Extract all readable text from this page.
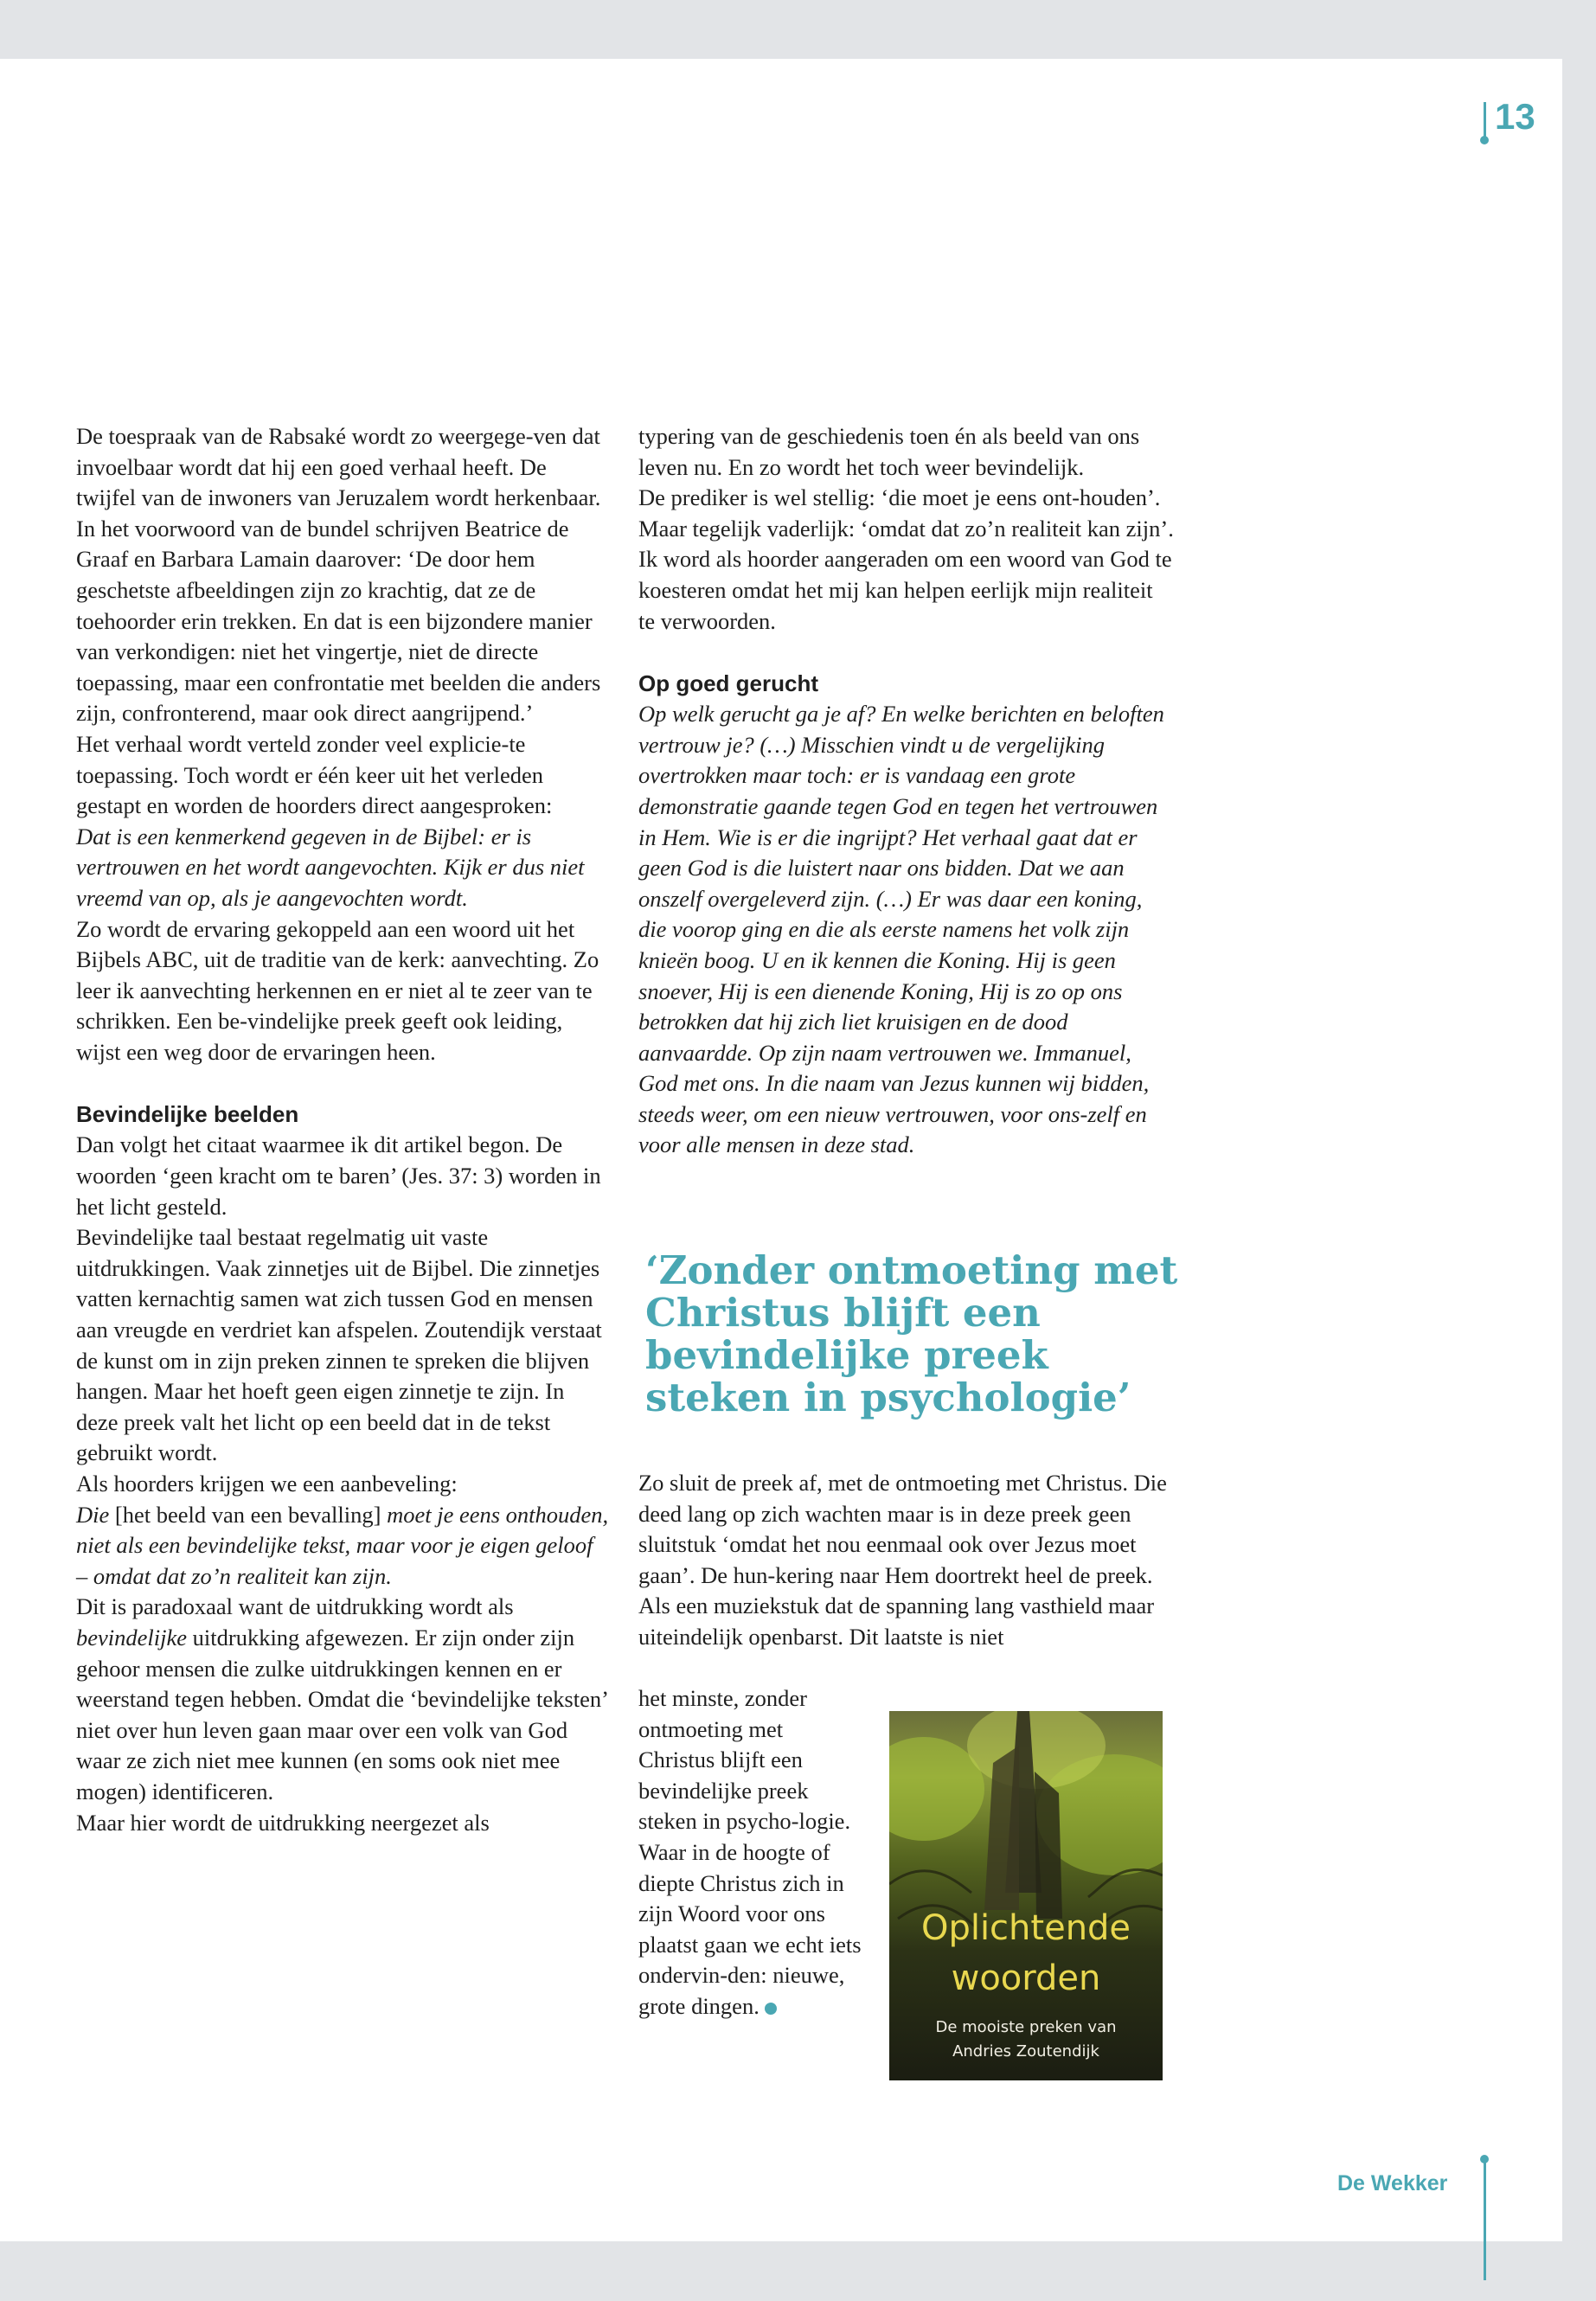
13

De toespraak van de Rabsaké wordt zo weergege-ven dat invoelbaar wordt dat hij een goed verhaal heeft. De twijfel van de inwoners van Jeruzalem wordt herkenbaar.

In het voorwoord van de bundel schrijven Beatrice de Graaf en Barbara Lamain daarover: ‘De door hem geschetste afbeeldingen zijn zo krachtig, dat ze de toehoorder erin trekken. En dat is een bijzondere manier van verkondigen: niet het vingertje, niet de directe toepassing, maar een confrontatie met beelden die anders zijn, confronterend, maar ook direct aangrijpend.’

Het verhaal wordt verteld zonder veel explicie-te toepassing. Toch wordt er één keer uit het verleden gestapt en worden de hoorders direct aangesproken:

Dat is een kenmerkend gegeven in de Bijbel: er is vertrouwen en het wordt aangevochten. Kijk er dus niet vreemd van op, als je aangevochten wordt.

Zo wordt de ervaring gekoppeld aan een woord uit het Bijbels ABC, uit de traditie van de kerk: aanvechting. Zo leer ik aanvechting herkennen en er niet al te zeer van te schrikken. Een be-vindelijke preek geeft ook leiding, wijst een weg door de ervaringen heen.

Bevindelijke beelden

Dan volgt het citaat waarmee ik dit artikel begon. De woorden ‘geen kracht om te baren’ (Jes. 37: 3) worden in het licht gesteld.

Bevindelijke taal bestaat regelmatig uit vaste uitdrukkingen. Vaak zinnetjes uit de Bijbel. Die zinnetjes vatten kernachtig samen wat zich tussen God en mensen aan vreugde en verdriet kan afspelen. Zoutendijk verstaat de kunst om in zijn preken zinnen te spreken die blijven hangen. Maar het hoeft geen eigen zinnetje te zijn. In deze preek valt het licht op een beeld dat in de tekst gebruikt wordt.

Als hoorders krijgen we een aanbeveling:

Die [het beeld van een bevalling] moet je eens onthouden, niet als een bevindelijke tekst, maar voor je eigen geloof – omdat dat zo’n realiteit kan zijn.

Dit is paradoxaal want de uitdrukking wordt als bevindelijke uitdrukking afgewezen. Er zijn onder zijn gehoor mensen die zulke uitdrukkingen kennen en er weerstand tegen hebben. Omdat die ‘bevindelijke teksten’ niet over hun leven gaan maar over een volk van God waar ze zich niet mee kunnen (en soms ook niet mee mogen) identificeren.

Maar hier wordt de uitdrukking neergezet als

typering van de geschiedenis toen én als beeld van ons leven nu. En zo wordt het toch weer bevindelijk.

De prediker is wel stellig: ‘die moet je eens ont-houden’. Maar tegelijk vaderlijk: ‘omdat dat zo’n realiteit kan zijn’. Ik word als hoorder aangeraden om een woord van God te koesteren omdat het mij kan helpen eerlijk mijn realiteit te verwoorden.

Op goed gerucht

Op welk gerucht ga je af? En welke berichten en beloften vertrouw je? (…) Misschien vindt u de vergelijking overtrokken maar toch: er is vandaag een grote demonstratie gaande tegen God en tegen het vertrouwen in Hem. Wie is er die ingrijpt? Het verhaal gaat dat er geen God is die luistert naar ons bidden. Dat we aan onszelf overgeleverd zijn. (…) Er was daar een koning, die voorop ging en die als eerste namens het volk zijn knieën boog. U en ik kennen die Koning. Hij is geen snoever, Hij is een dienende Koning, Hij is zo op ons betrokken dat hij zich liet kruisigen en de dood aanvaardde. Op zijn naam vertrouwen we. Immanuel, God met ons. In die naam van Jezus kunnen wij bidden, steeds weer, om een nieuw vertrouwen, voor ons-zelf en voor alle mensen in deze stad.

‘Zonder ontmoeting met Christus blijft een bevindelijke preek steken in psychologie’

Zo sluit de preek af, met de ontmoeting met Christus. Die deed lang op zich wachten maar is in deze preek geen sluitstuk ‘omdat het nou eenmaal ook over Jezus moet gaan’. De hun-kering naar Hem doortrekt heel de preek. Als een muziekstuk dat de spanning lang vasthield maar uiteindelijk openbarst. Dit laatste is niet

het minste, zonder ontmoeting met Christus blijft een bevindelijke preek steken in psycho-logie. Waar in de hoogte of diepte Christus zich in zijn Woord voor ons plaatst gaan we echt iets ondervin-den: nieuwe, grote dingen.

Oplichtende
woorden

De mooiste preken van
Andries Zoutendijk

De Wekker
